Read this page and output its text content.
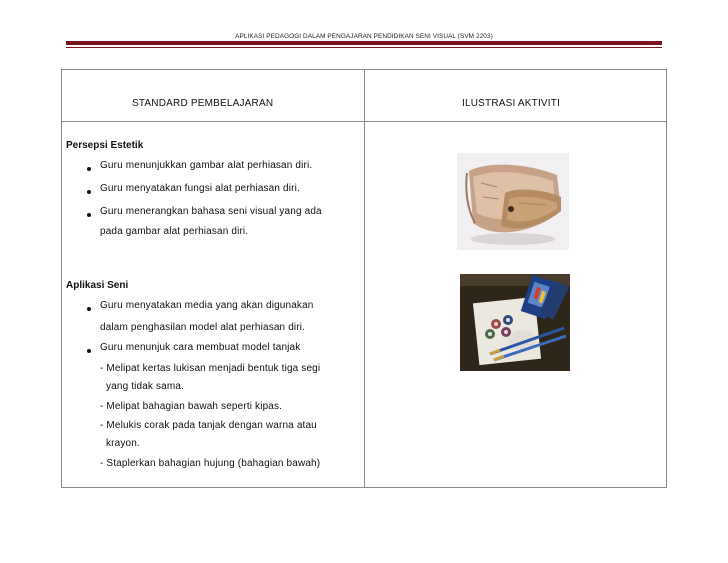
APLIKASI PEDAGOGI DALAM PENGAJARAN PENDIDIKAN SENI VISUAL (SVM 2203)
STANDARD PEMBELAJARAN	ILUSTRASI AKTIVITI
Persepsi Estetik
Guru menunjukkan gambar alat perhiasan diri.
Guru menyatakan fungsi alat perhiasan diri.
Guru menerangkan bahasa seni visual yang ada
pada gambar alat perhiasan diri.
Aplikasi Seni
Guru menyatakan media yang akan digunakan
dalam penghasilan model alat perhiasan diri.
Guru menunjuk cara membuat model tanjak
- Melipat kertas lukisan menjadi bentuk tiga segi
yang tidak sama.
- Melipat bahagian bawah seperti kipas.
- Melukis corak pada tanjak dengan warna atau
krayon.
- Staplerkan bahagian hujung (bahagian bawah)
